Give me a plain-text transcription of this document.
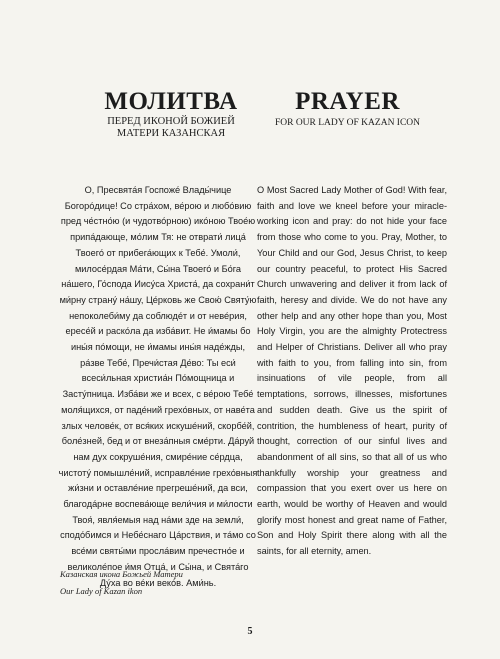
МОЛИТВА
ПЕРЕД ИКОНОЙ БОЖИЕЙ
МАТЕРИ КАЗАНСКАЯ
PRAYER
FOR OUR LADY OF KAZAN ICON

О, Пресвята́я Госпоже́ Влады́чице Богоро́дице! Со стра́хом, ве́рою и любо́вию пред че́стно́ю (и чудотво́рною) ико́ною Твое́ю припа́дающе, мо́лим Тя: не отврати́ лица́ Твоего́ от прибега́ющих к Тебе́. Умоли́, милосе́рдая Ма́ти, Сы́на Твоего́ и Бо́га на́шего, Го́спода Иису́са Христа́, да сохрани́т ми́рну страну́ на́шу, Це́рковь же Свою́ Святу́ю непоколеби́му да соблюде́т и от неве́рия, ересе́й и раско́ла да изба́вит. Не и́мамы бо ины́я по́мощи, не и́мамы ины́я наде́жды, ра́зве Тебе́, Пречи́стая Де́во: Ты еси́ всеси́льная христиа́н По́мощница и Засту́пница. Изба́ви же и всех, с ве́рою Тебе́ моля́щихся, от паде́ний грехо́вных, от наве́та злых челове́к, от вся́ких искуше́ний, скорбе́й, боле́зней, бед и от внеза́пныя сме́рти. Да́руй нам дух сокруше́ния, смире́ние се́рдца, чистоту́ помышле́ний, исправле́ние грехо́вныя жи́зни и оставле́ние прегреше́ний, да вси, благода́рне воспева́юще вели́чия и ми́лости Твоя́, явля́емыя над на́ми зде на земли́, сподо́бимся и Небе́снаго Ца́рствия, и та́мо со все́ми святы́ми просла́вим пречестно́е и великоле́пое и́мя Отца́, и Сы́на, и Свята́го Ду́ха во ве́ки веко́в. Ами́нь.

O Most Sacred Lady Mother of God! With fear, faith and love we kneel before your miracle-working icon and pray: do not hide your face from those who come to you. Pray, Mother, to Your Child and our God, Jesus Christ, to keep our country peaceful, to protect His Sacred Church unwavering and deliver it from lack of faith, heresy and divide. We do not have any other help and any other hope than you, Most Holy Virgin, you are the almighty Protectress and Helper of Christians. Deliver all who pray with faith to you, from falling into sin, from insinuations of vile people, from all temptations, sorrows, illnesses, misfortunes and sudden death. Give us the spirit of contrition, the humbleness of heart, purity of thought, correction of our sinful lives and abandonment of all sins, so that all of us who thankfully worship your greatness and compassion that you exert over us here on earth, would be worthy of Heaven and would glorify most honest and great name of Father, Son and Holy Spirit there along with all the saints, for all eternity, amen.

Казанская икона Божьей Матери
Our Lady of Kazan ikon
5
